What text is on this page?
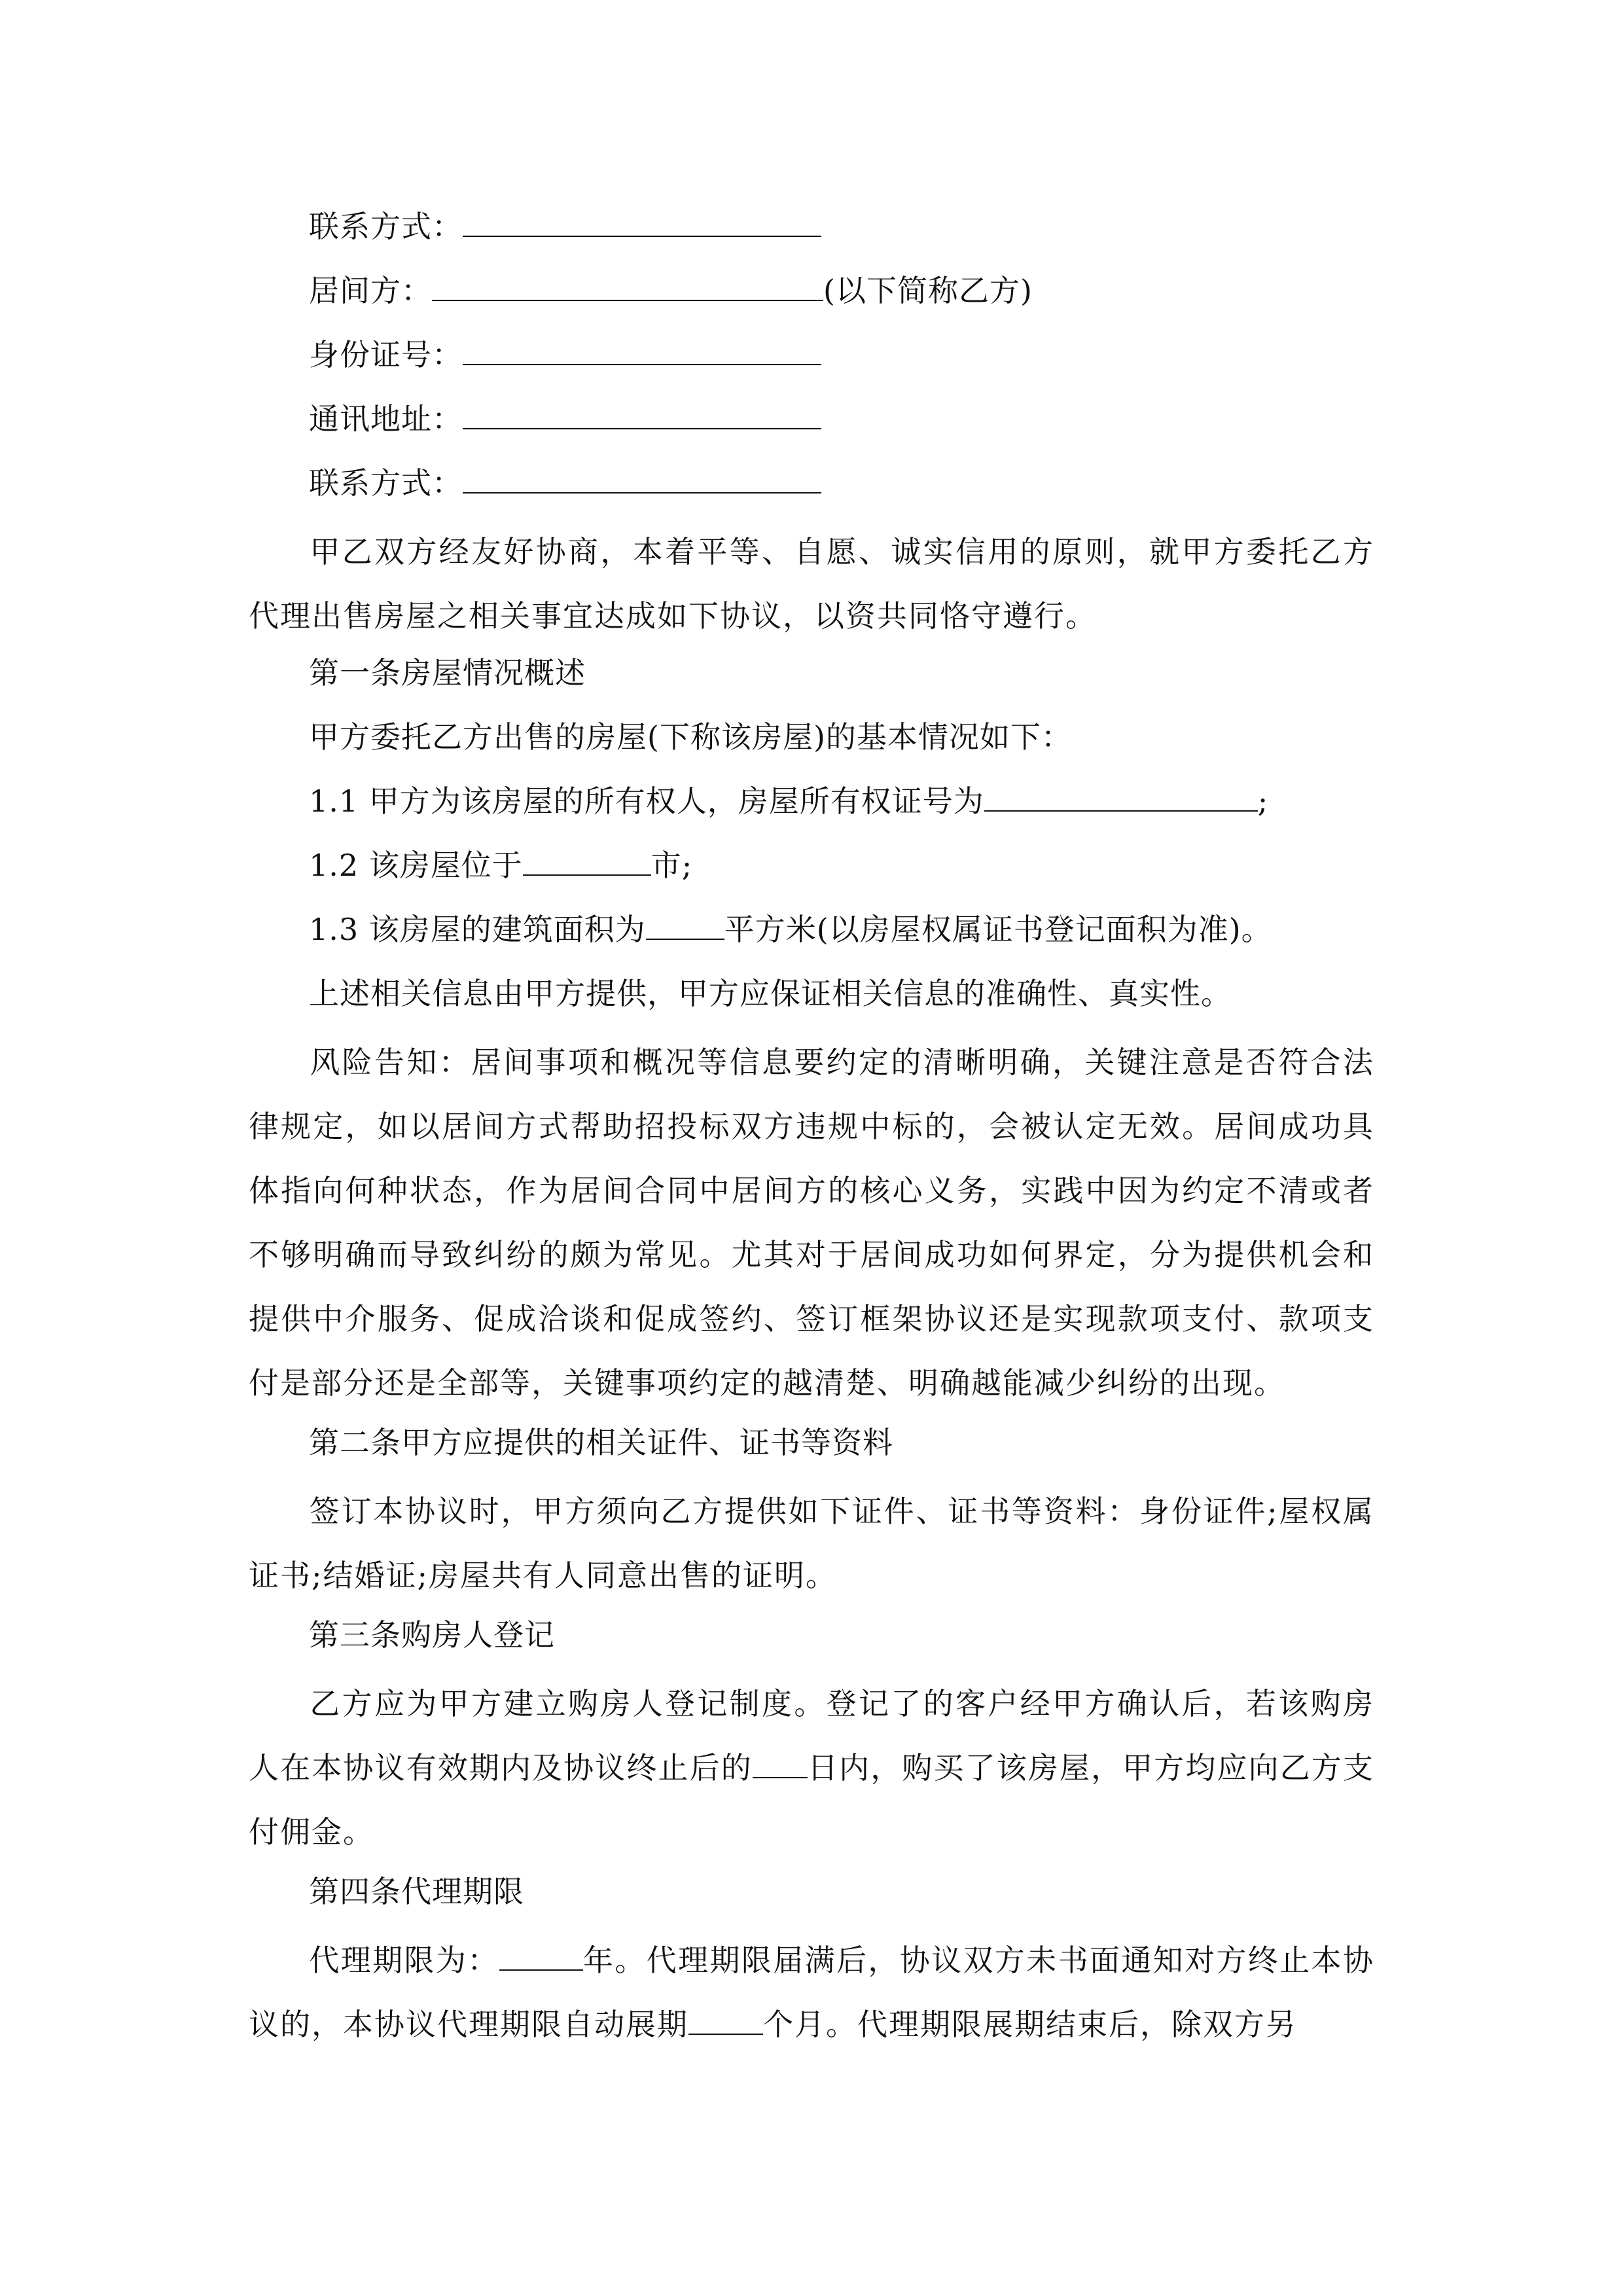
联系方式：
居间方：	(以下简称乙方)
身份证号：
通讯地址：
联系方式：
甲乙双方经友好协商，本着平等、自愿、诚实信用的原则，就甲方委托乙方代理出售房屋之相关事宜达成如下协议，以资共同恪守遵行。
第一条房屋情况概述
甲方委托乙方出售的房屋(下称该房屋)的基本情况如下：
1.1 甲方为该房屋的所有权人，房屋所有权证号为	;
1.2 该房屋位于	市;
1.3 该房屋的建筑面积为	平方米(以房屋权属证书登记面积为准)。
上述相关信息由甲方提供，甲方应保证相关信息的准确性、真实性。
风险告知：居间事项和概况等信息要约定的清晰明确，关键注意是否符合法律规定，如以居间方式帮助招投标双方违规中标的，会被认定无效。居间成功具体指向何种状态，作为居间合同中居间方的核心义务，实践中因为约定不清或者不够明确而导致纠纷的颇为常见。尤其对于居间成功如何界定，分为提供机会和提供中介服务、促成洽谈和促成签约、签订框架协议还是实现款项支付、款项支付是部分还是全部等，关键事项约定的越清楚、明确越能减少纠纷的出现。
第二条甲方应提供的相关证件、证书等资料
签订本协议时，甲方须向乙方提供如下证件、证书等资料：身份证件;屋权属证书;结婚证;房屋共有人同意出售的证明。
第三条购房人登记
乙方应为甲方建立购房人登记制度。登记了的客户经甲方确认后，若该购房人在本协议有效期内及协议终止后的 日内，购买了该房屋，甲方均应向乙方支付佣金。
第四条代理期限
代理期限为：	年。代理期限届满后，协议双方未书面通知对方终止本协议的，本协议代理期限自动展期 个月。代理期限展期结束后，除双方另
